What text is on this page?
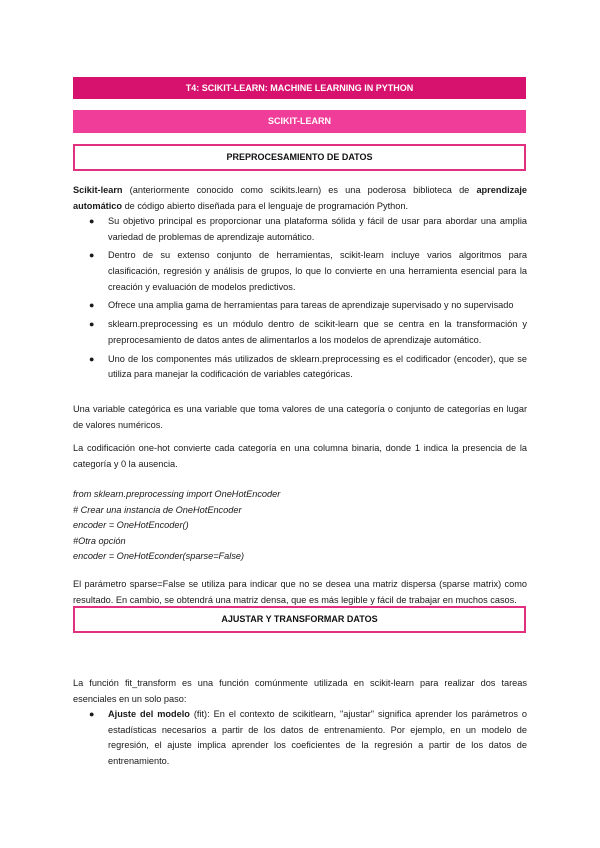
T4: SCIKIT-LEARN: MACHINE LEARNING IN PYTHON
SCIKIT-LEARN
PREPROCESAMIENTO DE DATOS
Scikit-learn (anteriormente conocido como scikits.learn) es una poderosa biblioteca de aprendizaje automático de código abierto diseñada para el lenguaje de programación Python.
● Su objetivo principal es proporcionar una plataforma sólida y fácil de usar para abordar una amplia variedad de problemas de aprendizaje automático.
● Dentro de su extenso conjunto de herramientas, scikit-learn incluye varios algoritmos para clasificación, regresión y análisis de grupos, lo que lo convierte en una herramienta esencial para la creación y evaluación de modelos predictivos.
● Ofrece una amplia gama de herramientas para tareas de aprendizaje supervisado y no supervisado
● sklearn.preprocessing es un módulo dentro de scikit-learn que se centra en la transformación y preprocesamiento de datos antes de alimentarlos a los modelos de aprendizaje automático.
● Uno de los componentes más utilizados de sklearn.preprocessing es el codificador (encoder), que se utiliza para manejar la codificación de variables categóricas.
Una variable categórica es una variable que toma valores de una categoría o conjunto de categorías en lugar de valores numéricos.
La codificación one-hot convierte cada categoría en una columna binaria, donde 1 indica la presencia de la categoría y 0 la ausencia.
from sklearn.preprocessing import OneHotEncoder
# Crear una instancia de OneHotEncoder
encoder = OneHotEncoder()
#Otra opción
encoder = OneHotEconder(sparse=False)
El parámetro sparse=False se utiliza para indicar que no se desea una matriz dispersa (sparse matrix) como resultado. En cambio, se obtendrá una matriz densa, que es más legible y fácil de trabajar en muchos casos.
AJUSTAR Y TRANSFORMAR DATOS
La función fit_transform es una función comúnmente utilizada en scikit-learn para realizar dos tareas esenciales en un solo paso:
● Ajuste del modelo (fit): En el contexto de scikitlearn, "ajustar" significa aprender los parámetros o estadísticas necesarios a partir de los datos de entrenamiento. Por ejemplo, en un modelo de regresión, el ajuste implica aprender los coeficientes de la regresión a partir de los datos de entrenamiento.
